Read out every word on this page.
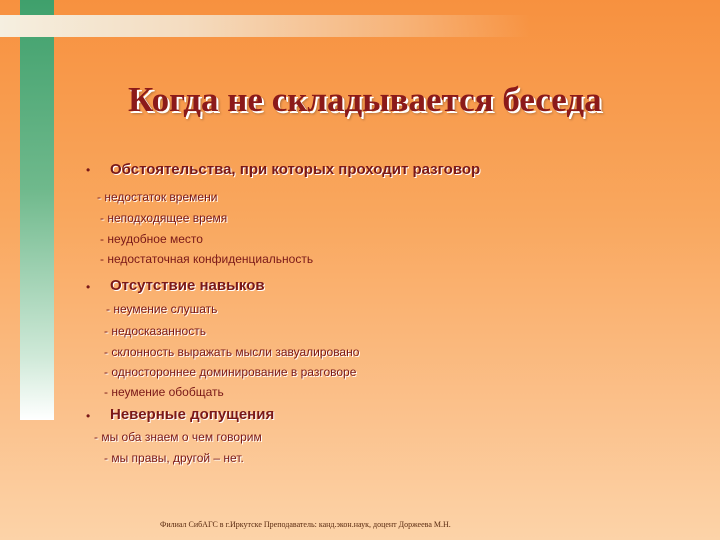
Когда не складывается беседа
• Обстоятельства, при которых проходит разговор
- недостаток времени
- неподходящее время
- неудобное место
- недостаточная конфиденциальность
• Отсутствие навыков
- неумение слушать
- недосказанность
- склонность выражать мысли завуалировано
- одностороннее доминирование в разговоре
- неумение обобщать
• Неверные допущения
- мы оба знаем о чем говорим
- мы правы, другой – нет.
Филиал СибАГС в г.Иркутске Преподаватель: канд.экон.наук, доцент Доржеева М.Н.
